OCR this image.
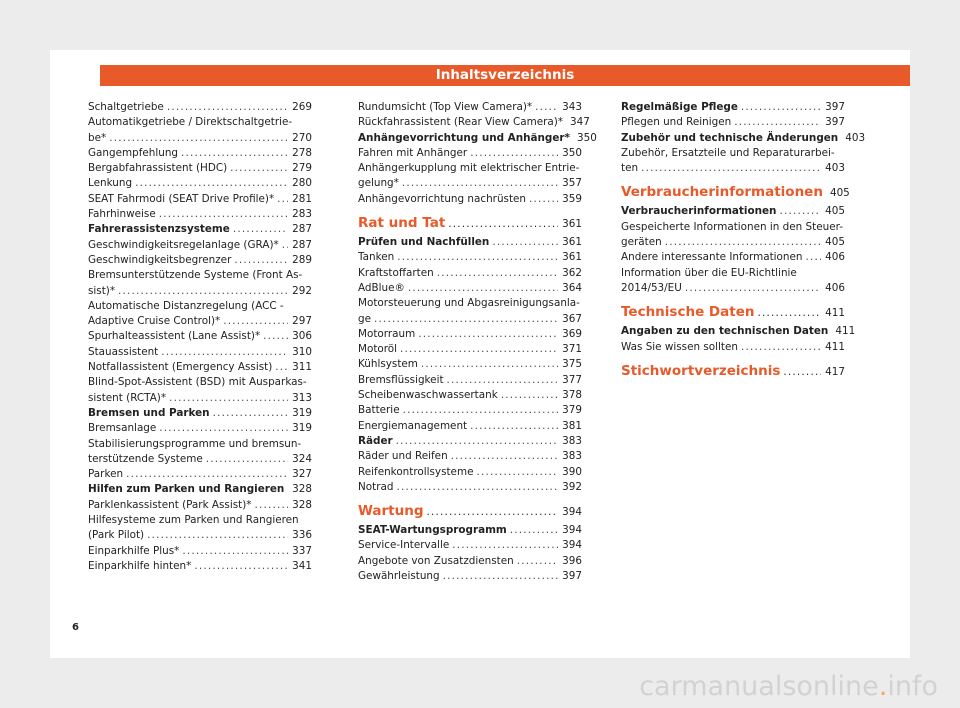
Inhaltsverzeichnis
Schaltgetriebe .....	269
Automatikgetriebe / Direktschaltgetrie-
be* .....	270
Gangempfehlung .....	278
Bergabfahrassistent (HDC) .....	279
Lenkung .....	280
SEAT Fahrmodi (SEAT Drive Profile)* ..... 281
Fahrhinweise .....	283
Fahrerassistenzsysteme .....	287
Geschwindigkeitsregelanlage (GRA)* ..... 287
Geschwindigkeitsbegrenzer .....	289
Bremsunterstützende Systeme (Front As-
sist)* .....	292
Automatische Distanzregelung (ACC -
Adaptive Cruise Control)* .....	297
Spurhalteassistent (Lane Assist)* .....	306
Stauassistent .....	310
Notfallassistent (Emergency Assist) ..... 311
Blind-Spot-Assistent (BSD) mit Ausparkas-
sistent (RCTA)* .....	313
Bremsen und Parken .....	319
Bremsanlage .....	319
Stabilisierungsprogramme und bremsun-
terstützende Systeme .....	324
Parken .....	327
Hilfen zum Parken und Rangieren ..... 328
Parklenkassistent (Park Assist)* .....	328
Hilfesysteme zum Parken und Rangieren
(Park Pilot) .....	336
Einparkhilfe Plus* .....	337
Einparkhilfe hinten* .....	341
Rundumsicht (Top View Camera)* .....	343
Rückfahrassistent (Rear View Camera)* 347
Anhängevorrichtung und Anhänger* 350
Fahren mit Anhänger .....	350
Anhängerkupplung mit elektrischer Entrie-
gelung* .....	357
Anhängevorrichtung nachrüsten .....	359
Rat und Tat .....	361
Prüfen und Nachfüllen .....	361
Tanken .....	361
Kraftstoffarten .....	362
AdBlue® .....	364
Motorsteuerung und Abgasreinigungsanla-
ge .....	367
Motorraum .....	369
Motoröl .....	371
Kühlsystem .....	375
Bremsflüssigkeit .....	377
Scheibenwaschwassertank .....	378
Batterie .....	379
Energiemanagement .....	381
Räder .....	383
Räder und Reifen .....	383
Reifenkontrollsysteme .....	390
Notrad .....	392
Wartung .....	394
SEAT-Wartungsprogramm .....	394
Service-Intervalle .....	394
Angebote von Zusatzdiensten .....	396
Gewährleistung .....	397
Regelmäßige Pflege .....	397
Pflegen und Reinigen .....	397
Zubehör und technische Änderungen 403
Zubehör, Ersatzteile und Reparaturarbei-
ten .....	403
Verbraucherinformationen 405
Verbraucherinformationen .....	405
Gespeicherte Informationen in den Steuer-
geräten .....	405
Andere interessante Informationen ..... 406
Information über die EU-Richtlinie
2014/53/EU .....	406
Technische Daten .....	411
Angaben zu den technischen Daten 411
Was Sie wissen sollten .....	411
Stichwortverzeichnis .....	417
6
carmanualsonline.info
